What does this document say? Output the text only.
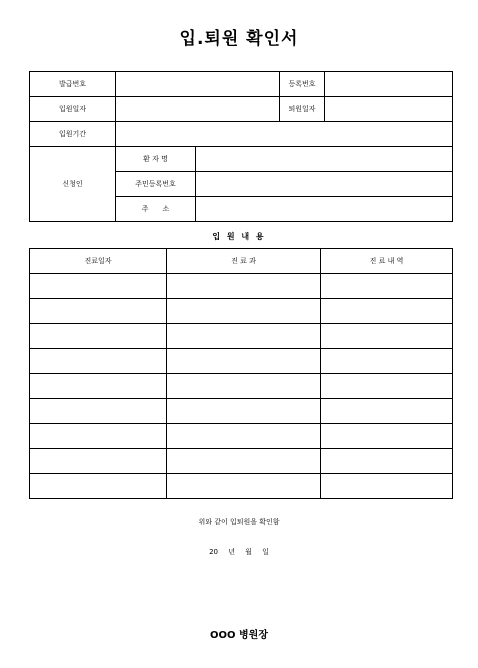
입.퇴원 확인서
발급번호			등록번호	
입원일자			퇴원일자	
입원기간				
신청인	환 자 명			
	주민등록번호			
	주　　소			
입 원 내 용
진료일자	진 료 과	진 료 내 역

위와 같이 입퇴원을 확인함
20 년 월 일
OOO 병원장
